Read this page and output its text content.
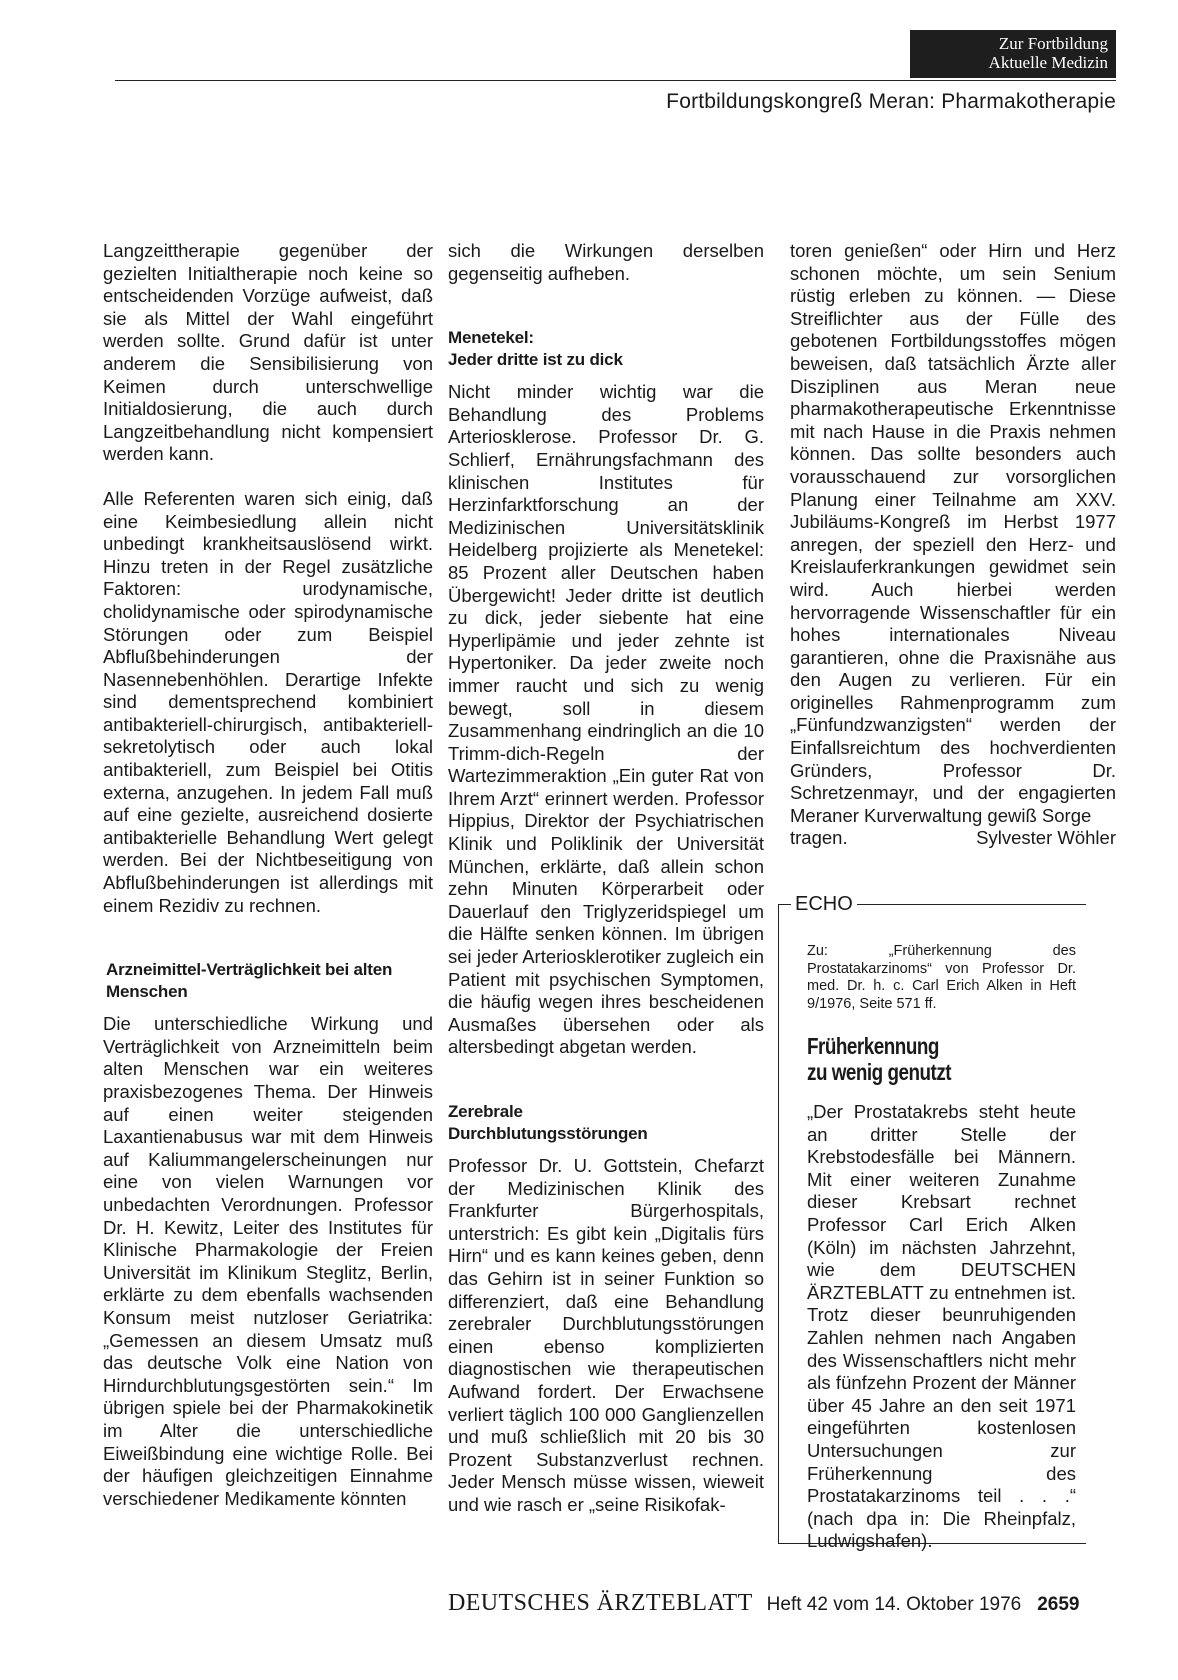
Zur Fortbildung
Aktuelle Medizin
Fortbildungskongreß Meran: Pharmakotherapie

Langzeittherapie gegenüber der gezielten Initialtherapie noch keine so entscheidenden Vorzüge aufweist, daß sie als Mittel der Wahl eingeführt werden sollte. Grund dafür ist unter anderem die Sensibilisierung von Keimen durch unterschwellige Initialdosierung, die auch durch Langzeitbehandlung nicht kompensiert werden kann.

Alle Referenten waren sich einig, daß eine Keimbesiedlung allein nicht unbedingt krankheitsauslösend wirkt. Hinzu treten in der Regel zusätzliche Faktoren: urodynamische, cholidynamische oder spirodynamische Störungen oder zum Beispiel Abflußbehinderungen der Nasennebenhöhlen. Derartige Infekte sind dementsprechend kombiniert antibakteriell-chirurgisch, antibakteriell-sekretolytisch oder auch lokal antibakteriell, zum Beispiel bei Otitis externa, anzugehen. In jedem Fall muß auf eine gezielte, ausreichend dosierte antibakterielle Behandlung Wert gelegt werden. Bei der Nichtbeseitigung von Abflußbehinderungen ist allerdings mit einem Rezidiv zu rechnen.

Arzneimittel-Verträglichkeit bei alten Menschen

Die unterschiedliche Wirkung und Verträglichkeit von Arzneimitteln beim alten Menschen war ein weiteres praxisbezogenes Thema. Der Hinweis auf einen weiter steigenden Laxantienabusus war mit dem Hinweis auf Kaliummangelerscheinungen nur eine von vielen Warnungen vor unbedachten Verordnungen. Professor Dr. H. Kewitz, Leiter des Institutes für Klinische Pharmakologie der Freien Universität im Klinikum Steglitz, Berlin, erklärte zu dem ebenfalls wachsenden Konsum meist nutzloser Geriatrika: „Gemessen an diesem Umsatz muß das deutsche Volk eine Nation von Hirndurchblutungsgestörten sein.“ Im übrigen spiele bei der Pharmakokinetik im Alter die unterschiedliche Eiweißbindung eine wichtige Rolle. Bei der häufigen gleichzeitigen Einnahme verschiedener Medikamente könnten

sich die Wirkungen derselben gegenseitig aufheben.

Menetekel:
Jeder dritte ist zu dick

Nicht minder wichtig war die Behandlung des Problems Arteriosklerose. Professor Dr. G. Schlierf, Ernährungsfachmann des klinischen Institutes für Herzinfarktforschung an der Medizinischen Universitätsklinik Heidelberg projizierte als Menetekel: 85 Prozent aller Deutschen haben Übergewicht! Jeder dritte ist deutlich zu dick, jeder siebente hat eine Hyperlipämie und jeder zehnte ist Hypertoniker. Da jeder zweite noch immer raucht und sich zu wenig bewegt, soll in diesem Zusammenhang eindringlich an die 10 Trimm-dich-Regeln der Wartezimmeraktion „Ein guter Rat von Ihrem Arzt“ erinnert werden. Professor Hippius, Direktor der Psychiatrischen Klinik und Poliklinik der Universität München, erklärte, daß allein schon zehn Minuten Körperarbeit oder Dauerlauf den Triglyzeridspiegel um die Hälfte senken können. Im übrigen sei jeder Arteriosklerotiker zugleich ein Patient mit psychischen Symptomen, die häufig wegen ihres bescheidenen Ausmaßes übersehen oder als altersbedingt abgetan werden.

Zerebrale
Durchblutungsstörungen

Professor Dr. U. Gottstein, Chefarzt der Medizinischen Klinik des Frankfurter Bürgerhospitals, unterstrich: Es gibt kein „Digitalis fürs Hirn“ und es kann keines geben, denn das Gehirn ist in seiner Funktion so differenziert, daß eine Behandlung zerebraler Durchblutungsstörungen einen ebenso komplizierten diagnostischen wie therapeutischen Aufwand fordert. Der Erwachsene verliert täglich 100 000 Ganglienzellen und muß schließlich mit 20 bis 30 Prozent Substanzverlust rechnen. Jeder Mensch müsse wissen, wieweit und wie rasch er „seine Risikofak-

toren genießen“ oder Hirn und Herz schonen möchte, um sein Senium rüstig erleben zu können. — Diese Streiflichter aus der Fülle des gebotenen Fortbildungsstoffes mögen beweisen, daß tatsächlich Ärzte aller Disziplinen aus Meran neue pharmakotherapeutische Erkenntnisse mit nach Hause in die Praxis nehmen können. Das sollte besonders auch vorausschauend zur vorsorglichen Planung einer Teilnahme am XXV. Jubiläums-Kongreß im Herbst 1977 anregen, der speziell den Herz- und Kreislauferkrankungen gewidmet sein wird. Auch hierbei werden hervorragende Wissenschaftler für ein hohes internationales Niveau garantieren, ohne die Praxisnähe aus den Augen zu verlieren. Für ein originelles Rahmenprogramm zum „Fünfundzwanzigsten“ werden der Einfallsreichtum des hochverdienten Gründers, Professor Dr. Schretzenmayr, und der engagierten Meraner Kurverwaltung gewiß Sorge

tragen.	Sylvester Wöhler
ECHO

Zu: „Früherkennung des Prostatakarzinoms“ von Professor Dr. med. Dr. h. c. Carl Erich Alken in Heft 9/1976, Seite 571 ff.

Früherkennung
zu wenig genutzt

„Der Prostatakrebs steht heute an dritter Stelle der Krebstodesfälle bei Männern. Mit einer weiteren Zunahme dieser Krebsart rechnet Professor Carl Erich Alken (Köln) im nächsten Jahrzehnt, wie dem DEUTSCHEN ÄRZTEBLATT zu entnehmen ist. Trotz dieser beunruhigenden Zahlen nehmen nach Angaben des Wissenschaftlers nicht mehr als fünfzehn Prozent der Männer über 45 Jahre an den seit 1971 eingeführten kostenlosen Untersuchungen zur Früherkennung des Prostatakarzinoms teil . . .“ (nach dpa in: Die Rheinpfalz, Ludwigshafen).

DEUTSCHES ÄRZTEBLATT Heft 42 vom 14. Oktober 1976 2659
